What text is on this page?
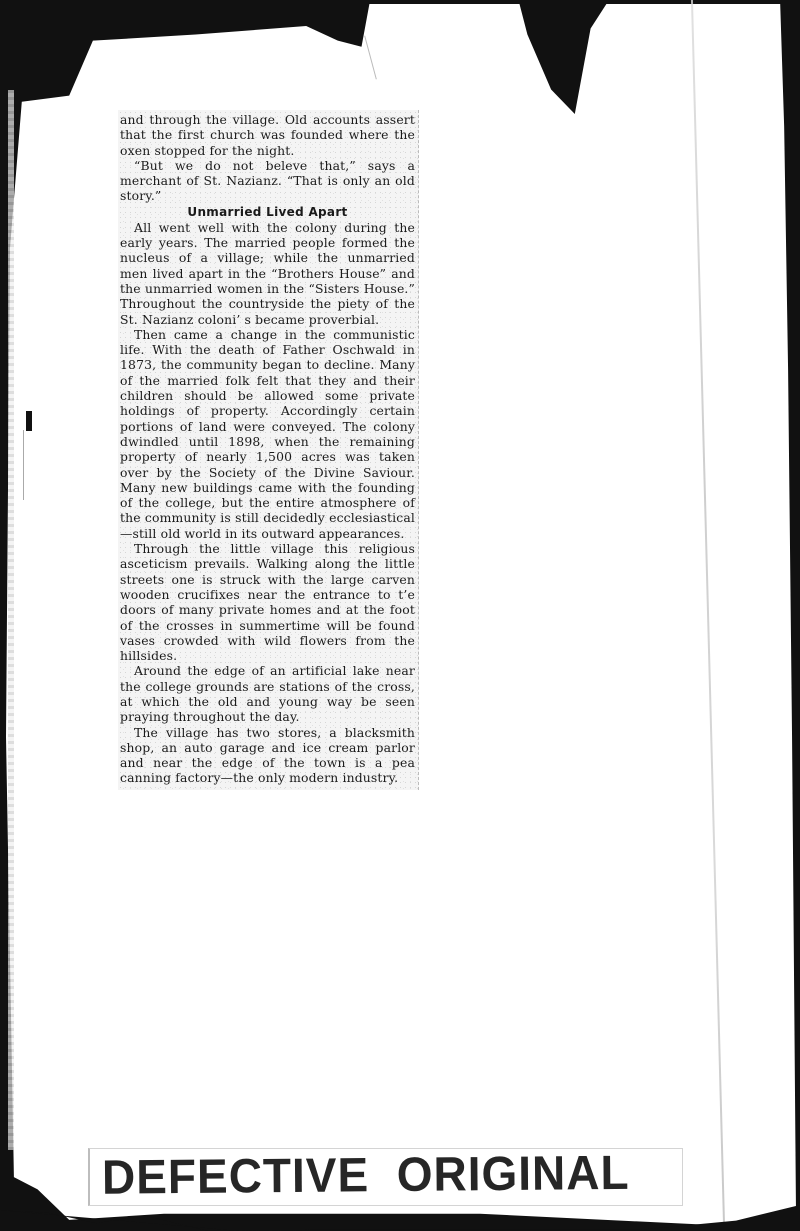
and through the village. Old accounts assert that the first church was founded where the oxen stopped for the night.

“But we do not beleve that,” says a merchant of St. Nazianz. “That is only an old story.”

Unmarried Lived Apart

All went well with the colony during the early years. The married people formed the nucleus of a village; while the unmarried men lived apart in the “Brothers House” and the unmarried women in the “Sisters House.” Throughout the countryside the piety of the St. Nazianz coloni’ s became proverbial.

Then came a change in the communistic life. With the death of Father Oschwald in 1873, the community began to decline. Many of the married folk felt that they and their children should be allowed some private holdings of property. Accordingly certain portions of land were conveyed. The colony dwindled until 1898, when the remaining property of nearly 1,500 acres was taken over by the Society of the Divine Saviour. Many new buildings came with the founding of the college, but the entire atmosphere of the community is still decidedly ecclesiastical—still old world in its outward appearances.

Through the little village this religious asceticism prevails. Walking along the little streets one is struck with the large carven wooden crucifixes near the entrance to t’e doors of many private homes and at the foot of the crosses in summertime will be found vases crowded with wild flowers from the hillsides.

Around the edge of an artificial lake near the college grounds are stations of the cross, at which the old and young way be seen praying throughout the day.

The village has two stores, a blacksmith shop, an auto garage and ice cream parlor and near the edge of the town is a pea canning factory—the only modern industry.

DEFECTIVE  ORIGINAL
